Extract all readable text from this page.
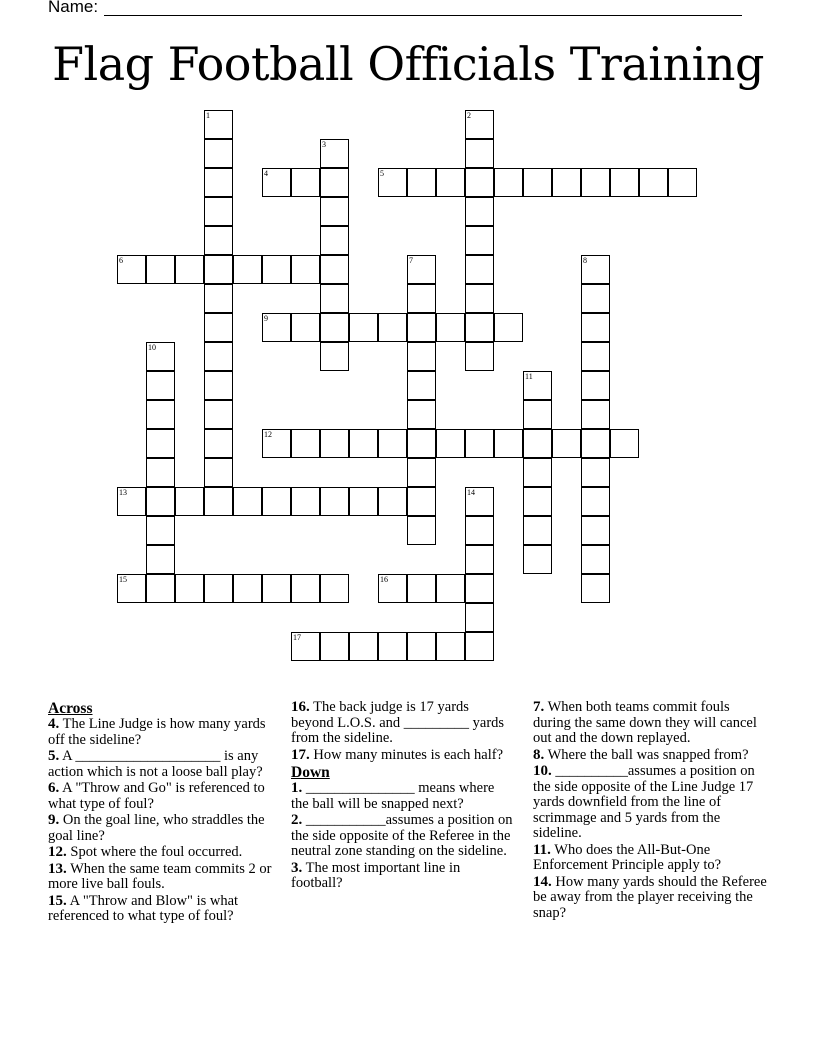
Name:
Flag Football Officials Training
1	2
3
4	5
6	7	8
9
10
11
12
13	14
15	16
17
Across
4. The Line Judge is how many yards off the sideline?
5. A ____________________ is any action which is not a loose ball play?
6. A "Throw and Go" is referenced to what type of foul?
9. On the goal line, who straddles the goal line?
12. Spot where the foul occurred.
13. When the same team commits 2 or more live ball fouls.
15. A "Throw and Blow" is what referenced to what type of foul?
16. The back judge is 17 yards beyond L.O.S. and _________ yards from the sideline.
17. How many minutes is each half?
Down
1. _______________ means where the ball will be snapped next?
2. ___________assumes a position on the side opposite of the Referee in the neutral zone standing on the sideline.
3. The most important line in football?
7. When both teams commit fouls during the same down they will cancel out and the down replayed.
8. Where the ball was snapped from?
10. __________assumes a position on the side opposite of the Line Judge 17 yards downfield from the line of scrimmage and 5 yards from the sideline.
11. Who does the All-But-One Enforcement Principle apply to?
14. How many yards should the Referee be away from the player receiving the snap?
